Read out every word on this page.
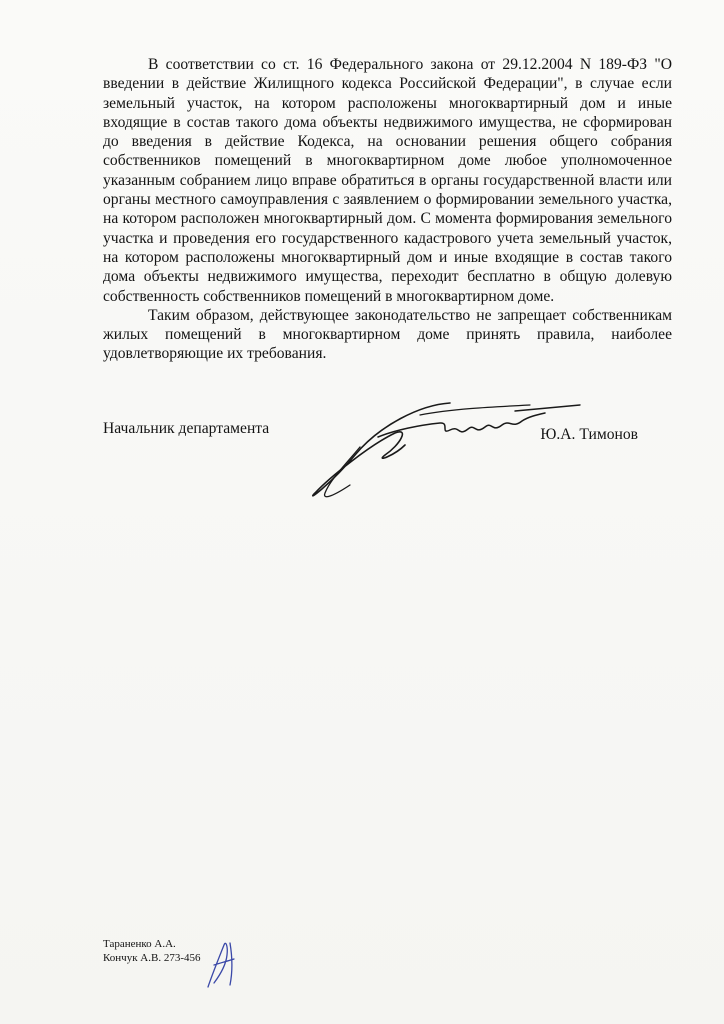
В соответствии со ст. 16 Федерального закона от 29.12.2004 N 189-ФЗ "О введении в действие Жилищного кодекса Российской Федерации", в случае если земельный участок, на котором расположены многоквартирный дом и иные входящие в состав такого дома объекты недвижимого имущества, не сформирован до введения в действие Кодекса, на основании решения общего собрания собственников помещений в многоквартирном доме любое уполномоченное указанным собранием лицо вправе обратиться в органы государственной власти или органы местного самоуправления с заявлением о формировании земельного участка, на котором расположен многоквартирный дом. С момента формирования земельного участка и проведения его государственного кадастрового учета земельный участок, на котором расположены многоквартирный дом и иные входящие в состав такого дома объекты недвижимого имущества, переходит бесплатно в общую долевую собственность собственников помещений в многоквартирном доме.

Таким образом, действующее законодательство не запрещает собственникам жилых помещений в многоквартирном доме принять правила, наиболее удовлетворяющие их требования.

Начальник департамента	Ю.А. Тимонов
Тараненко А.А.
Кончук А.В. 273-456
